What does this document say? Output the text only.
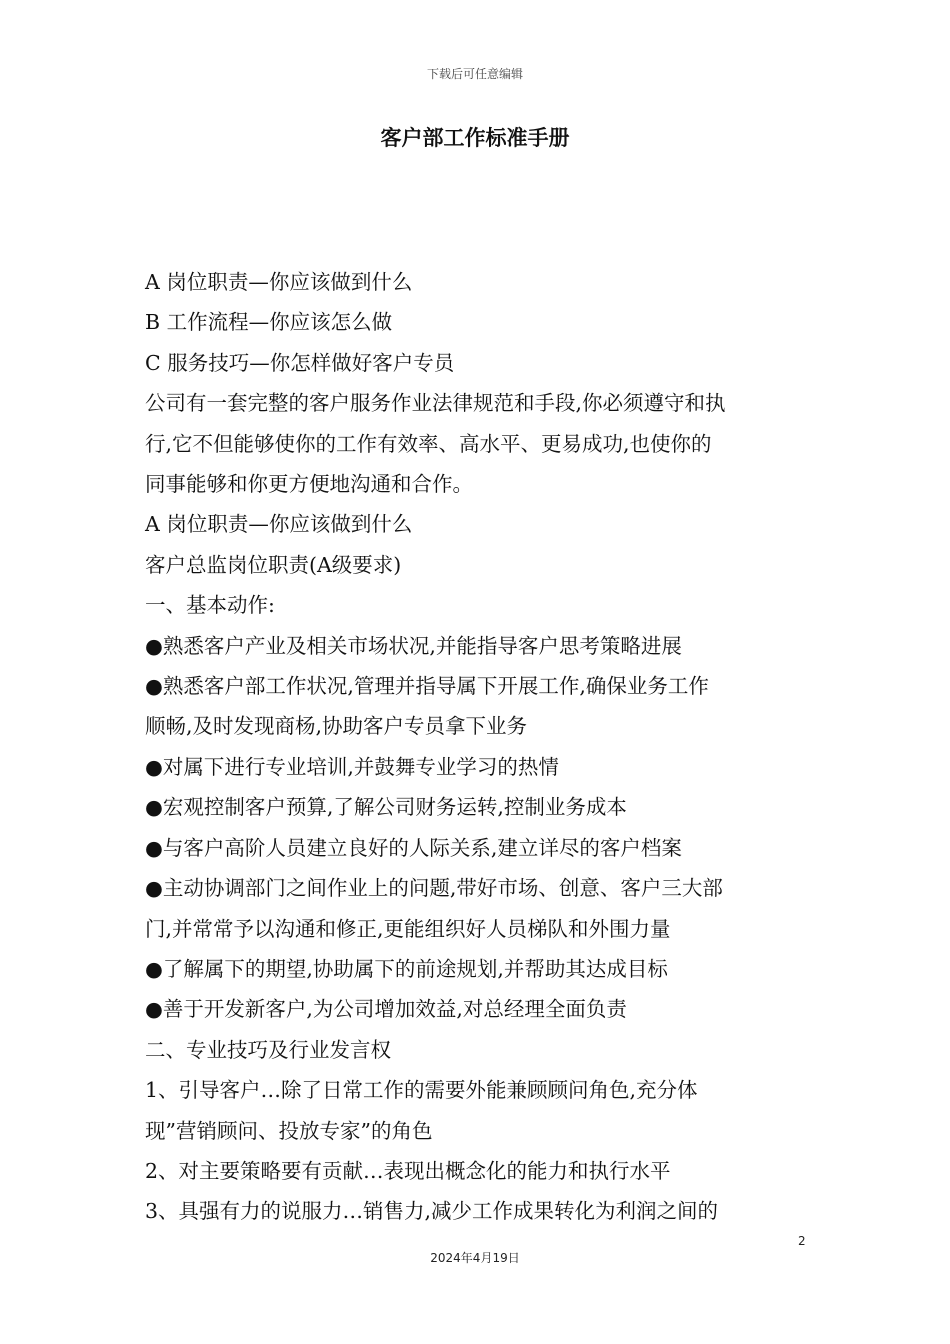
下载后可任意编辑
客户部工作标准手册

A 岗位职责—你应该做到什么

B 工作流程—你应该怎么做

C 服务技巧—你怎样做好客户专员

公司有一套完整的客户服务作业法律规范和手段,你必须遵守和执

行,它不但能够使你的工作有效率、高水平、更易成功,也使你的

同事能够和你更方便地沟通和合作。

A 岗位职责—你应该做到什么

客户总监岗位职责(A级要求)

一、基本动作:

●熟悉客户产业及相关市场状况,并能指导客户思考策略进展

●熟悉客户部工作状况,管理并指导属下开展工作,确保业务工作

顺畅,及时发现商杨,协助客户专员拿下业务

●对属下进行专业培训,并鼓舞专业学习的热情

●宏观控制客户预算,了解公司财务运转,控制业务成本

●与客户高阶人员建立良好的人际关系,建立详尽的客户档案

●主动协调部门之间作业上的问题,带好市场、创意、客户三大部

门,并常常予以沟通和修正,更能组织好人员梯队和外围力量

●了解属下的期望,协助属下的前途规划,并帮助其达成目标

●善于开发新客户,为公司增加效益,对总经理全面负责

二、专业技巧及行业发言权

1、引导客户…除了日常工作的需要外能兼顾顾问角色,充分体

现”营销顾问、投放专家”的角色

2、对主要策略要有贡献…表现出概念化的能力和执行水平

3、具强有力的说服力…销售力,减少工作成果转化为利润之间的

2
2024年4月19日
